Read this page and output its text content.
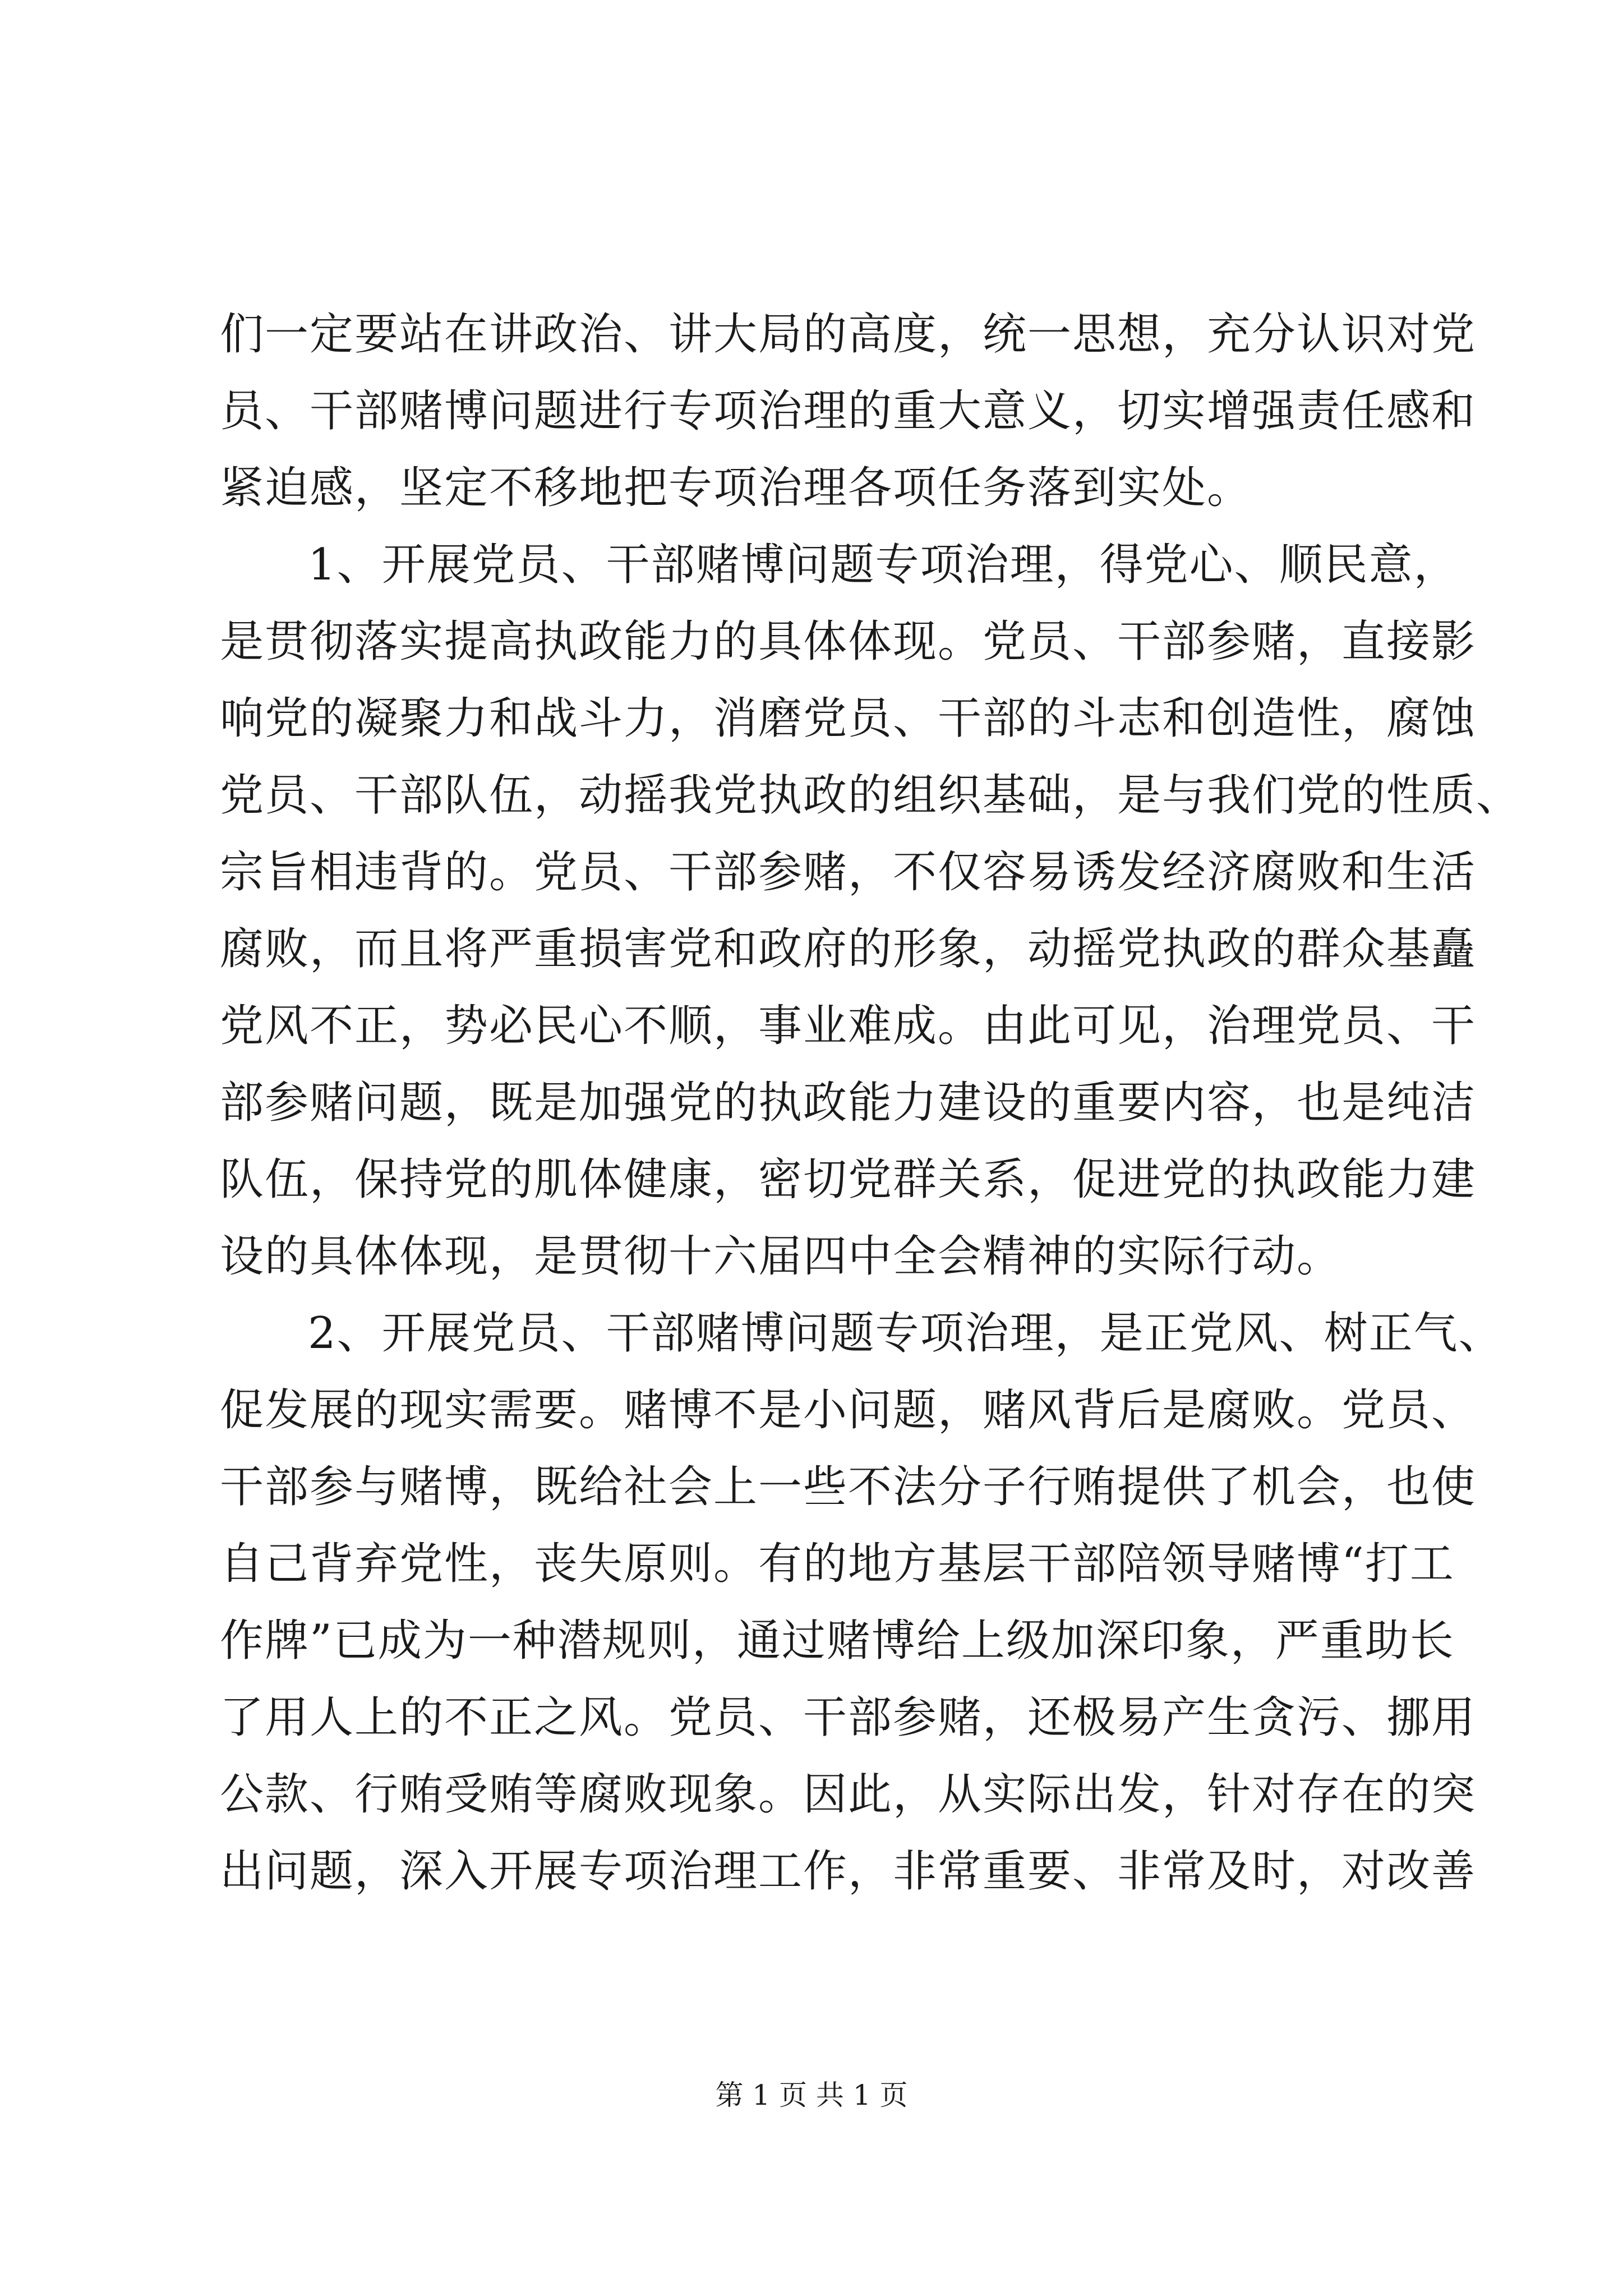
们一定要站在讲政治、讲大局的高度，统一思想，充分认识对党
员、干部赌博问题进行专项治理的重大意义，切实增强责任感和
紧迫感，坚定不移地把专项治理各项任务落到实处。
1、开展党员、干部赌博问题专项治理，得党心、顺民意，
是贯彻落实提高执政能力的具体体现。党员、干部参赌，直接影
响党的凝聚力和战斗力，消磨党员、干部的斗志和创造性，腐蚀
党员、干部队伍，动摇我党执政的组织基础，是与我们党的性质、
宗旨相违背的。党员、干部参赌，不仅容易诱发经济腐败和生活
腐败，而且将严重损害党和政府的形象，动摇党执政的群众基矗
党风不正，势必民心不顺，事业难成。由此可见，治理党员、干
部参赌问题，既是加强党的执政能力建设的重要内容，也是纯洁
队伍，保持党的肌体健康，密切党群关系，促进党的执政能力建
设的具体体现，是贯彻十六届四中全会精神的实际行动。
2、开展党员、干部赌博问题专项治理，是正党风、树正气、
促发展的现实需要。赌博不是小问题，赌风背后是腐败。党员、
干部参与赌博，既给社会上一些不法分子行贿提供了机会，也使
自己背弃党性，丧失原则。有的地方基层干部陪领导赌博“打工
作牌”已成为一种潜规则，通过赌博给上级加深印象，严重助长
了用人上的不正之风。党员、干部参赌，还极易产生贪污、挪用
公款、行贿受贿等腐败现象。因此，从实际出发，针对存在的突
出问题，深入开展专项治理工作，非常重要、非常及时，对改善
第 1 页 共 1 页
